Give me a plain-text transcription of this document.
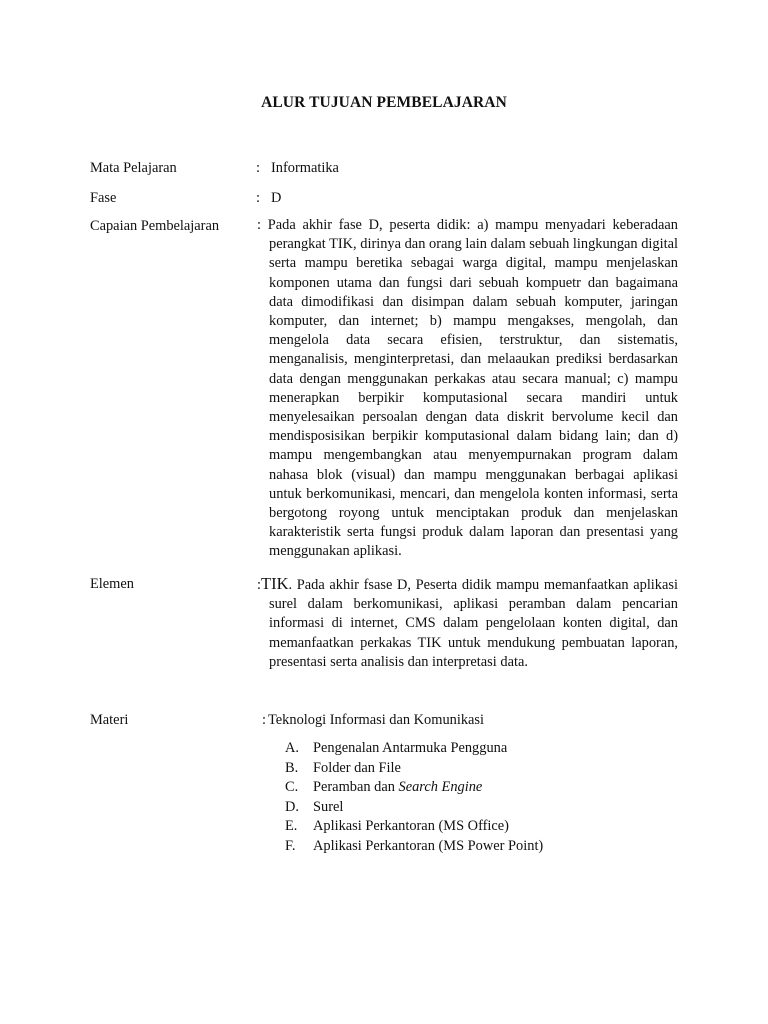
ALUR TUJUAN PEMBELAJARAN
Mata Pelajaran	: Informatika
Fase	: D
Capaian Pembelajaran	: Pada akhir fase D, peserta didik: a) mampu menyadari keberadaan perangkat TIK, dirinya dan orang lain dalam sebuah lingkungan digital serta mampu beretika sebagai warga digital, mampu menjelaskan komponen utama dan fungsi dari sebuah kompuetr dan bagaimana data dimodifikasi dan disimpan dalam sebuah komputer, jaringan komputer, dan internet; b) mampu mengakses, mengolah, dan mengelola data secara efisien, terstruktur, dan sistematis, menganalisis, menginterpretasi, dan melaaukan prediksi berdasarkan data dengan menggunakan perkakas atau secara manual; c) mampu menerapkan berpikir komputasional secara mandiri untuk menyelesaikan persoalan dengan data diskrit bervolume kecil dan mendisposisikan berpikir komputasional dalam bidang lain; dan d) mampu mengembangkan atau menyempurnakan program dalam nahasa blok (visual) dan mampu menggunakan berbagai aplikasi untuk berkomunikasi, mencari, dan mengelola konten informasi, serta bergotong royong untuk menciptakan produk dan menjelaskan karakteristik serta fungsi produk dalam laporan dan presentasi yang menggunakan aplikasi.
Elemen	:TIK. Pada akhir fsase D, Peserta didik mampu memanfaatkan aplikasi surel dalam berkomunikasi, aplikasi peramban dalam pencarian informasi di internet, CMS dalam pengelolaan konten digital, dan memanfaatkan perkakas TIK untuk mendukung pembuatan laporan, presentasi serta analisis dan interpretasi data.
Materi	: Teknologi Informasi dan Komunikasi
A. Pengenalan Antarmuka Pengguna
B. Folder dan File
C. Peramban dan Search Engine
D. Surel
E. Aplikasi Perkantoran (MS Office)
F. Aplikasi Perkantoran (MS Power Point)
